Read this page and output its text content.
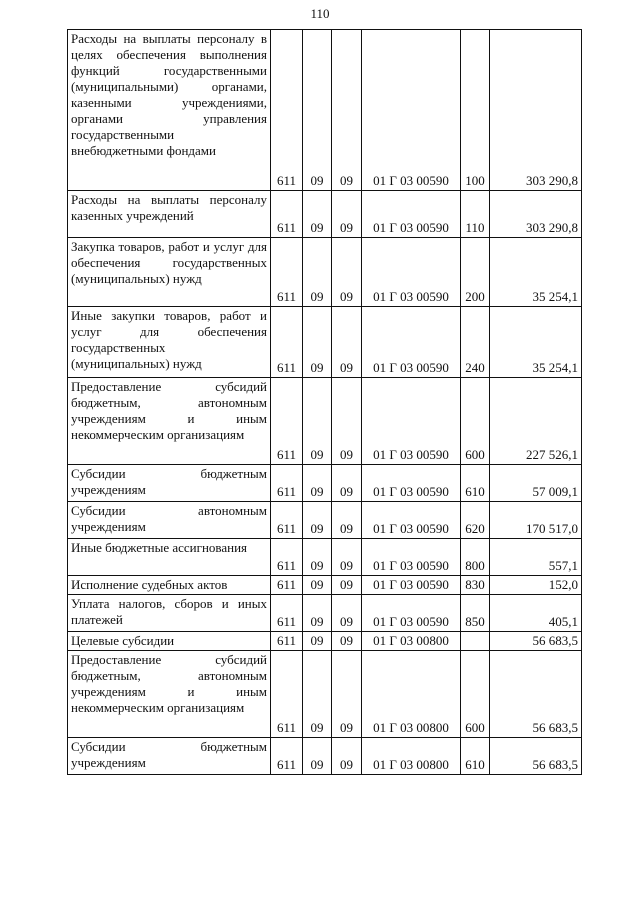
110
Расходы на выплаты персоналу в целях обеспечения выполнения функций государственными (муниципальными) органами, казенными учреждениями, органами управления государственными внебюджетными фондами	611	09	09	01 Г 03 00590	100	303 290,8
Расходы на выплаты персоналу казенных учреждений	611	09	09	01 Г 03 00590	110	303 290,8
Закупка товаров, работ и услуг для обеспечения государственных (муниципальных) нужд	611	09	09	01 Г 03 00590	200	35 254,1
Иные закупки товаров, работ и услуг для обеспечения государственных (муниципальных) нужд	611	09	09	01 Г 03 00590	240	35 254,1
Предоставление субсидий бюджетным, автономным учреждениям и иным некоммерческим организациям	611	09	09	01 Г 03 00590	600	227 526,1
Субсидии бюджетным учреждениям	611	09	09	01 Г 03 00590	610	57 009,1
Субсидии автономным учреждениям	611	09	09	01 Г 03 00590	620	170 517,0
Иные бюджетные ассигнования	611	09	09	01 Г 03 00590	800	557,1
Исполнение судебных актов	611	09	09	01 Г 03 00590	830	152,0
Уплата налогов, сборов и иных платежей	611	09	09	01 Г 03 00590	850	405,1
Целевые субсидии	611	09	09	01 Г 03 00800		56 683,5
Предоставление субсидий бюджетным, автономным учреждениям и иным некоммерческим организациям	611	09	09	01 Г 03 00800	600	56 683,5
Субсидии бюджетным учреждениям	611	09	09	01 Г 03 00800	610	56 683,5
